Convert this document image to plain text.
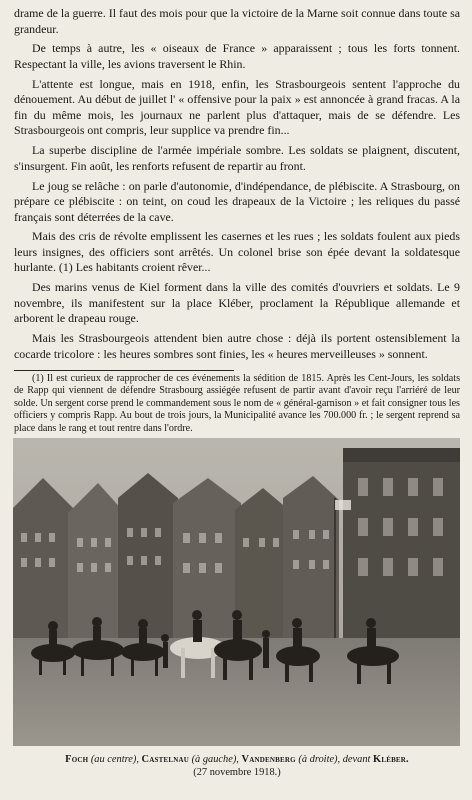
drame de la guerre. Il faut des mois pour que la victoire de la Marne soit connue dans toute sa grandeur.

De temps à autre, les « oiseaux de France » apparaissent ; tous les forts tonnent. Respectant la ville, les avions traversent le Rhin.

L'attente est longue, mais en 1918, enfin, les Strasbourgeois sentent l'approche du dénouement. Au début de juillet l' « offensive pour la paix » est annoncée à grand fracas. A la fin du même mois, les journaux ne parlent plus d'attaquer, mais de se défendre. Les Strasbourgeois ont compris, leur supplice va prendre fin...

La superbe discipline de l'armée impériale sombre. Les soldats se plaignent, discutent, s'insurgent. Fin août, les renforts refusent de repartir au front.

Le joug se relâche : on parle d'autonomie, d'indépendance, de plébiscite. A Strasbourg, on prépare ce plébiscite : on teint, on coud les drapeaux de la Victoire ; les reliques du passé français sont déterrées de la cave.

Mais des cris de révolte emplissent les casernes et les rues ; les soldats foulent aux pieds leurs insignes, des officiers sont arrêtés. Un colonel brise son épée devant la soldatesque hurlante. (1) Les habitants croient rêver...

Des marins venus de Kiel forment dans la ville des comités d'ouvriers et soldats. Le 9 novembre, ils manifestent sur la place Kléber, proclament la République allemande et arborent le drapeau rouge.

Mais les Strasbourgeois attendent bien autre chose : déjà ils portent ostensiblement la cocarde tricolore : les heures sombres sont finies, les « heures merveilleuses » sonnent.

(1) Il est curieux de rapprocher de ces événements la sédition de 1815. Après les Cent-Jours, les soldats de Rapp qui viennent de défendre Strasbourg assiégée refusent de partir avant d'avoir reçu l'arriéré de leur solde. Un sergent corse prend le commandement sous le nom de « général-garnison » et fait consigner tous les officiers y compris Rapp. Au bout de trois jours, la Municipalité avance les 700.000 fr. ; le sergent reprend sa place dans le rang et tout rentre dans l'ordre.

Foch (au centre), Castelnau (à gauche), Vandenberg (à droite), devant Kléber.
(27 novembre 1918.)
